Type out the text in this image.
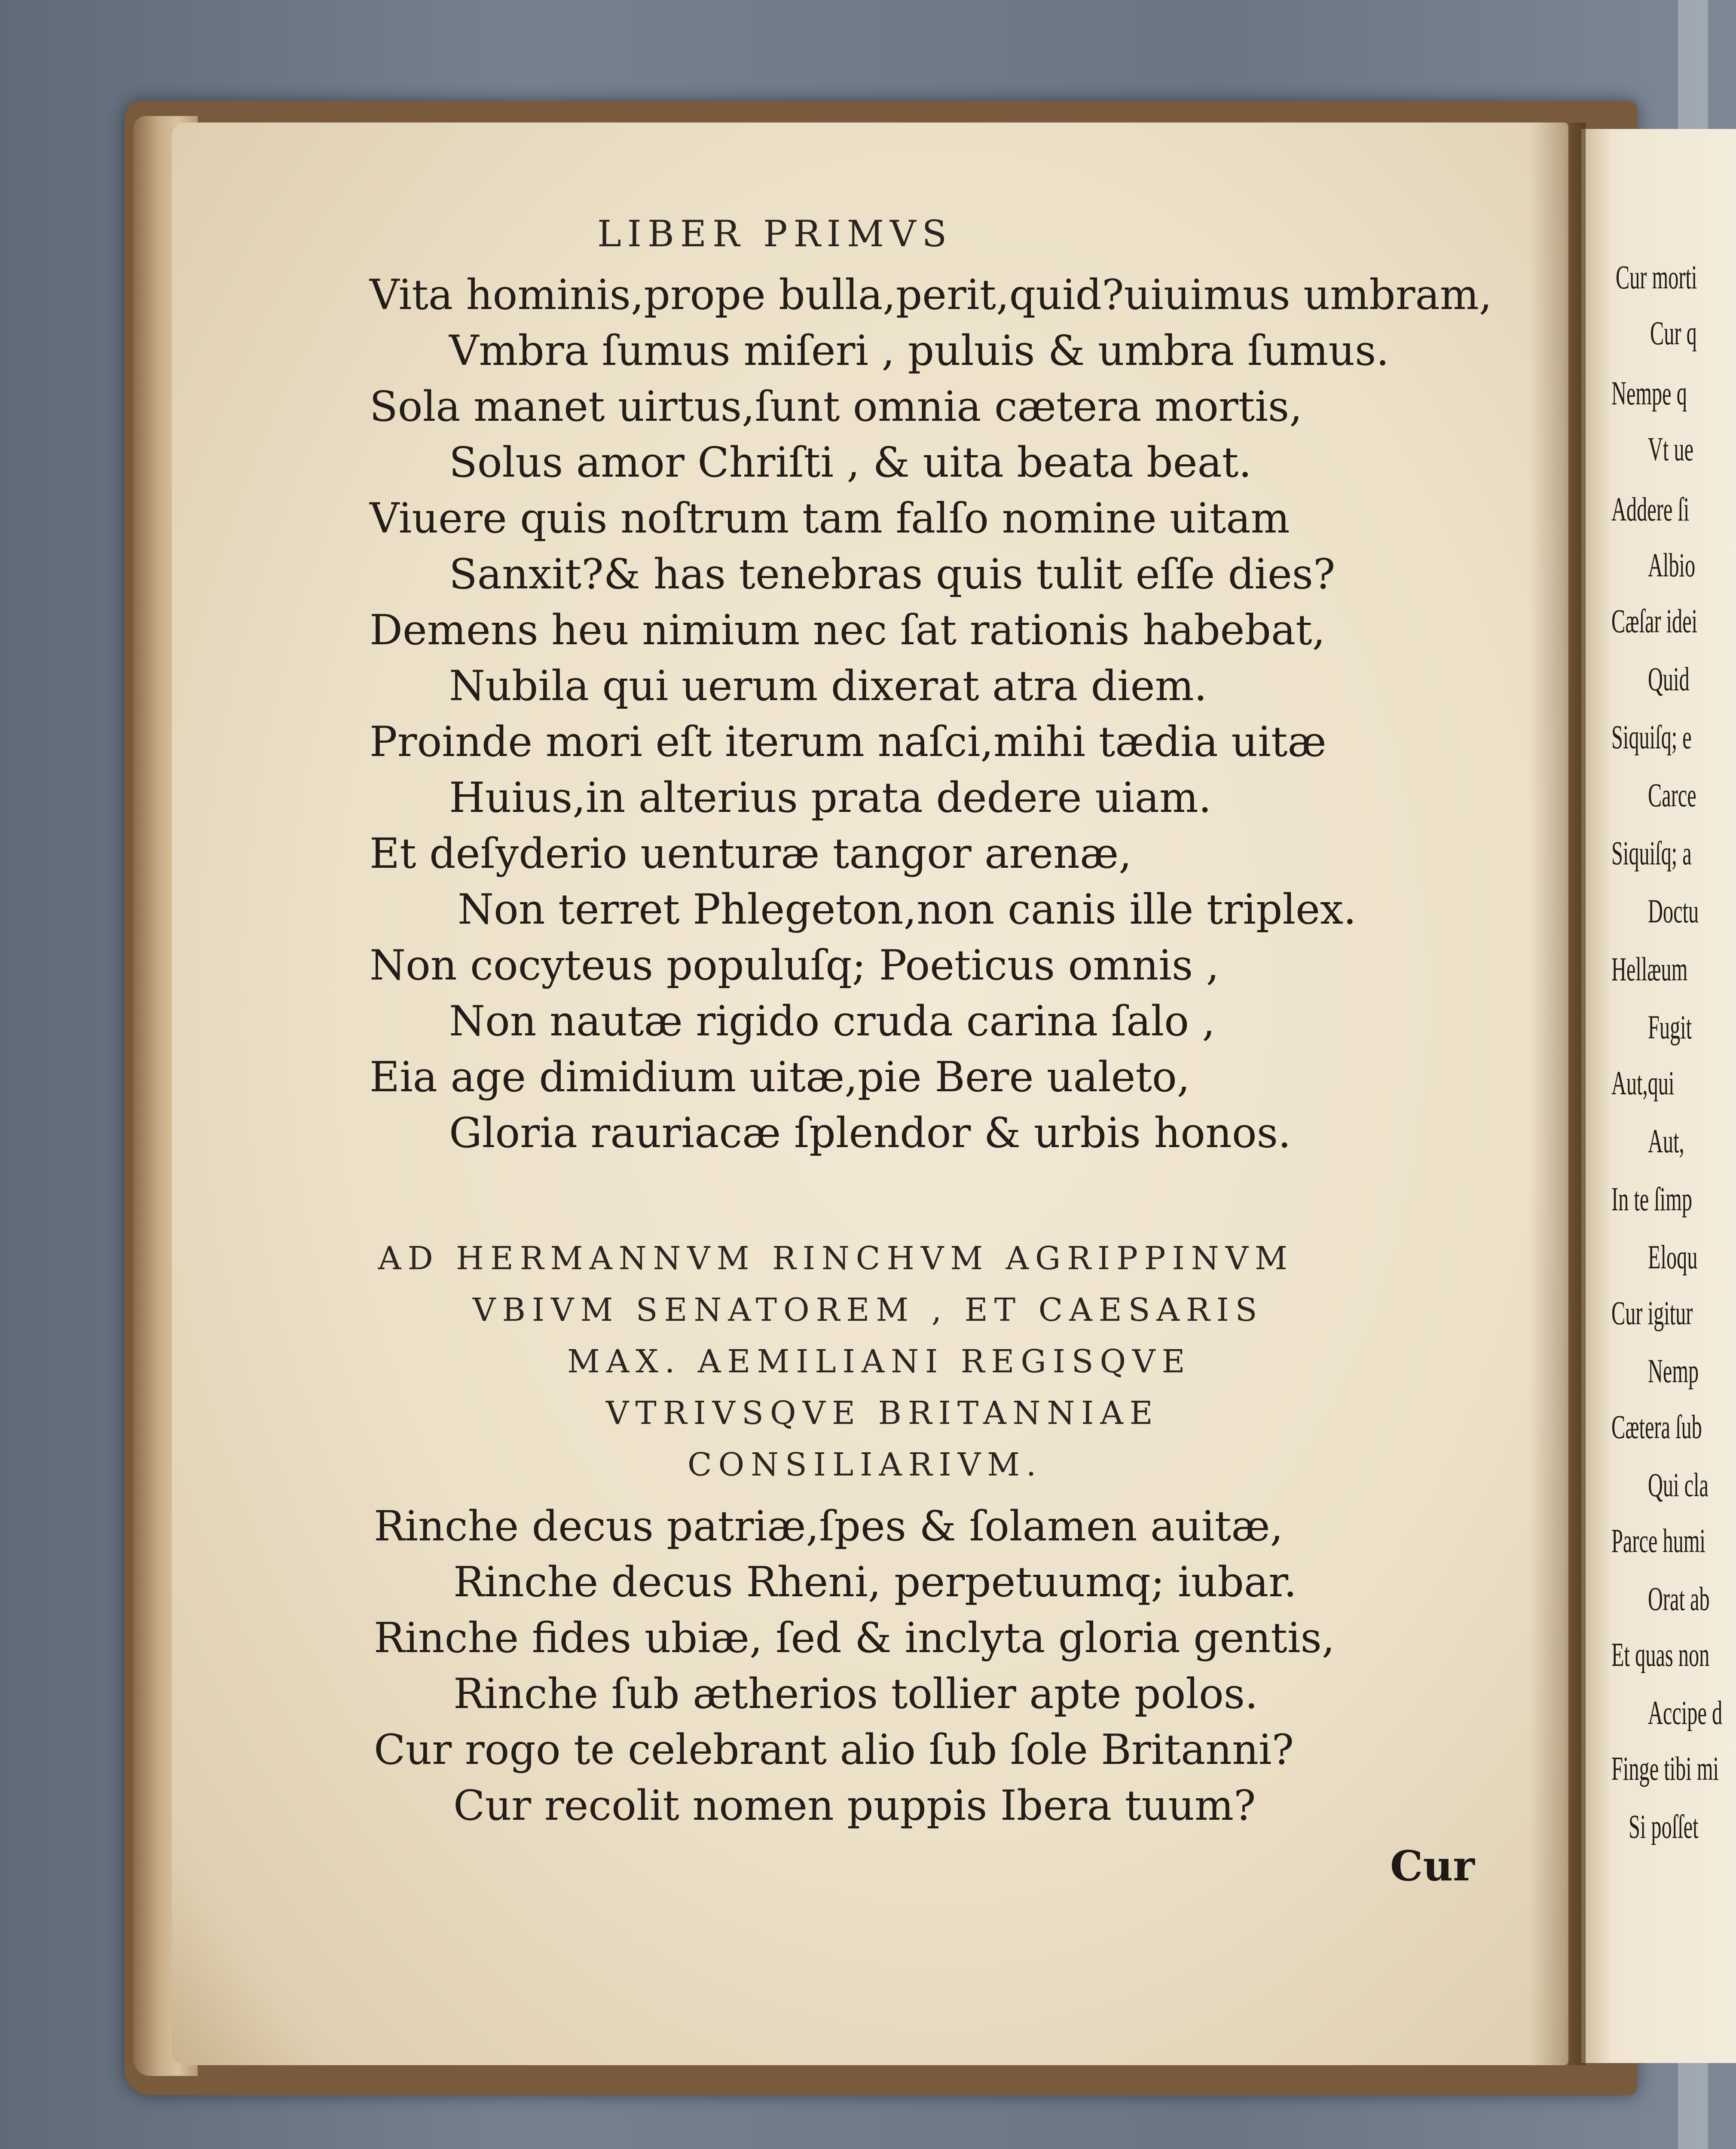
LIBER PRIMVS
Vita hominis,prope bulla,perit,quid?uiuimus umbram,
Vmbra ſumus miſeri , puluis & umbra ſumus.
Sola manet uirtus,ſunt omnia cætera mortis,
Solus amor Chriſti , & uita beata beat.
Viuere quis noſtrum tam falſo nomine uitam
Sanxit?& has tenebras quis tulit eſſe dies?
Demens heu nimium nec ſat rationis habebat,
Nubila qui uerum dixerat atra diem.
Proinde mori eſt iterum naſci,mihi tædia uitæ
Huius,in alterius prata dedere uiam.
Et deſyderio uenturæ tangor arenæ,
Non terret Phlegeton,non canis ille triplex.
Non cocyteus populuſq; Poeticus omnis ,
Non nautæ rigido cruda carina ſalo ,
Eia age dimidium uitæ,pie Bere ualeto,
Gloria rauriacæ ſplendor & urbis honos.
AD HERMANNVM RINCHVM AGRIPPINVM
VBIVM SENATOREM , ET CAESARIS
MAX. AEMILIANI REGISQVE
VTRIVSQVE BRITANNIAE
CONSILIARIVM.
Rinche decus patriæ,ſpes & ſolamen auitæ,
Rinche decus Rheni, perpetuumq; iubar.
Rinche fides ubiæ, ſed & inclyta gloria gentis,
Rinche ſub ætherios tollier apte polos.
Cur rogo te celebrant alio ſub ſole Britanni?
Cur recolit nomen puppis Ibera tuum?
Cur
Cur morti
Cur q
Nempe q
Vt ue
Addere ſi
Albio
Cæſar idei
Quid
Siquiſq; e
Carce
Siquiſq; a
Doctu
Hellæum
Fugit
Aut,qui
Aut,
In te ſimp
Eloqu
Cur igitur
Nemp
Cætera ſub
Qui cla
Parce humi
Orat ab
Et quas non
Accipe d
Finge tibi mi
Si poſſet
